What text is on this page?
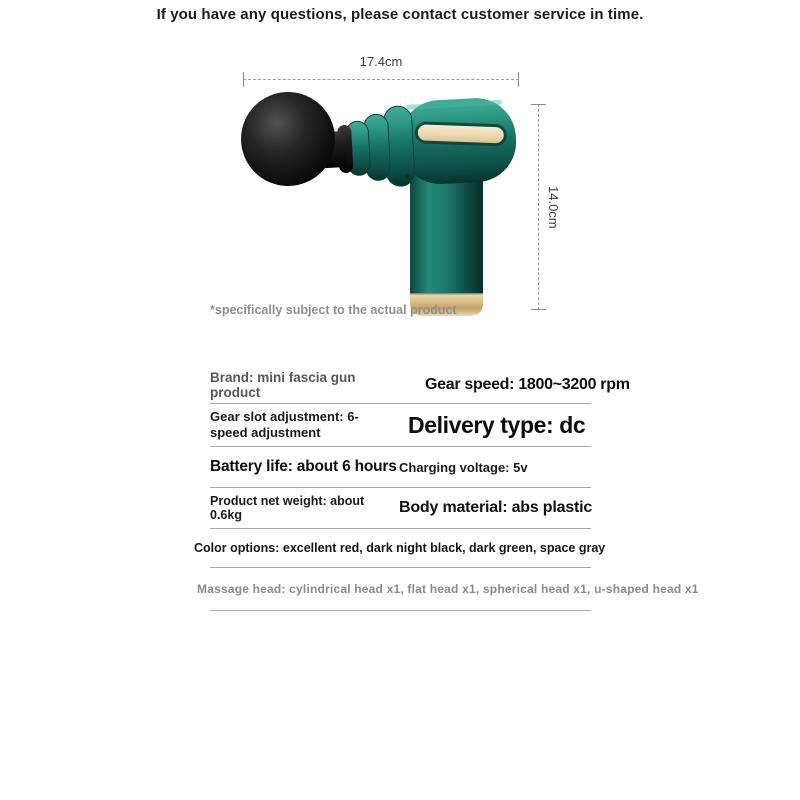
If you have any questions, please contact customer service in time.
17.4cm
14.0cm
*specifically subject to the actual product
Brand: mini fascia gun product	Gear speed: 1800~3200 rpm
Gear slot adjustment: 6-speed adjustment	Delivery type: dc
Battery life: about 6 hours Charging voltage: 5v
Product net weight: about 0.6kg	Body material: abs plastic
Color options: excellent red, dark night black, dark green, space gray
Massage head: cylindrical head x1, flat head x1, spherical head x1, u-shaped head x1
